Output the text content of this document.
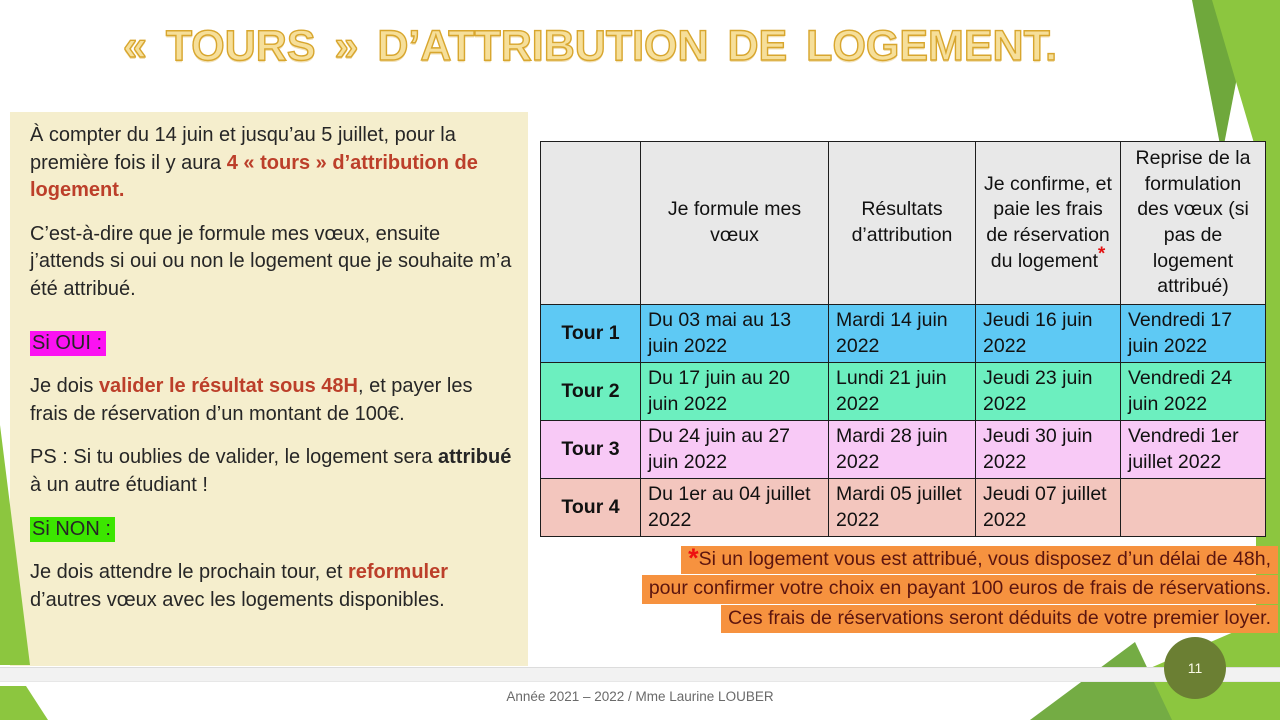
11
« TOURS » D’ATTRIBUTION DE LOGEMENT.

À compter du 14 juin et jusqu’au 5 juillet, pour la première fois il y aura 4 « tours » d’attribution de logement.

C’est-à-dire que je formule mes vœux, ensuite j’attends si oui ou non le logement que je souhaite m’a été attribué.

Si OUI :

Je dois valider le résultat sous 48H, et payer les frais de réservation d’un montant de 100€.

PS : Si tu oublies de valider, le logement sera attribué à un autre étudiant !

Si NON :

Je dois attendre le prochain tour, et reformuler d’autres vœux avec les logements disponibles.

	Je formule mes vœux	Résultats d’attribution	Je confirme, et paie les frais de réservation du logement*	Reprise de la formulation des vœux (si pas de logement attribué)
Tour 1	Du 03 mai au 13 juin 2022	Mardi 14 juin 2022	Jeudi 16 juin 2022	Vendredi 17 juin 2022
Tour 2	Du 17 juin au 20 juin 2022	Lundi 21 juin 2022	Jeudi 23 juin 2022	Vendredi 24 juin 2022
Tour 3	Du 24 juin au 27 juin 2022	Mardi 28 juin 2022	Jeudi 30 juin 2022	Vendredi 1er juillet 2022
Tour 4	Du 1er au 04 juillet 2022	Mardi 05 juillet 2022	Jeudi 07 juillet 2022	
*Si un logement vous est attribué, vous disposez d’un délai de 48h,
pour confirmer votre choix en payant 100 euros de frais de réservations.
Ces frais de réservations seront déduits de votre premier loyer.
Année 2021 – 2022 / Mme Laurine LOUBER
